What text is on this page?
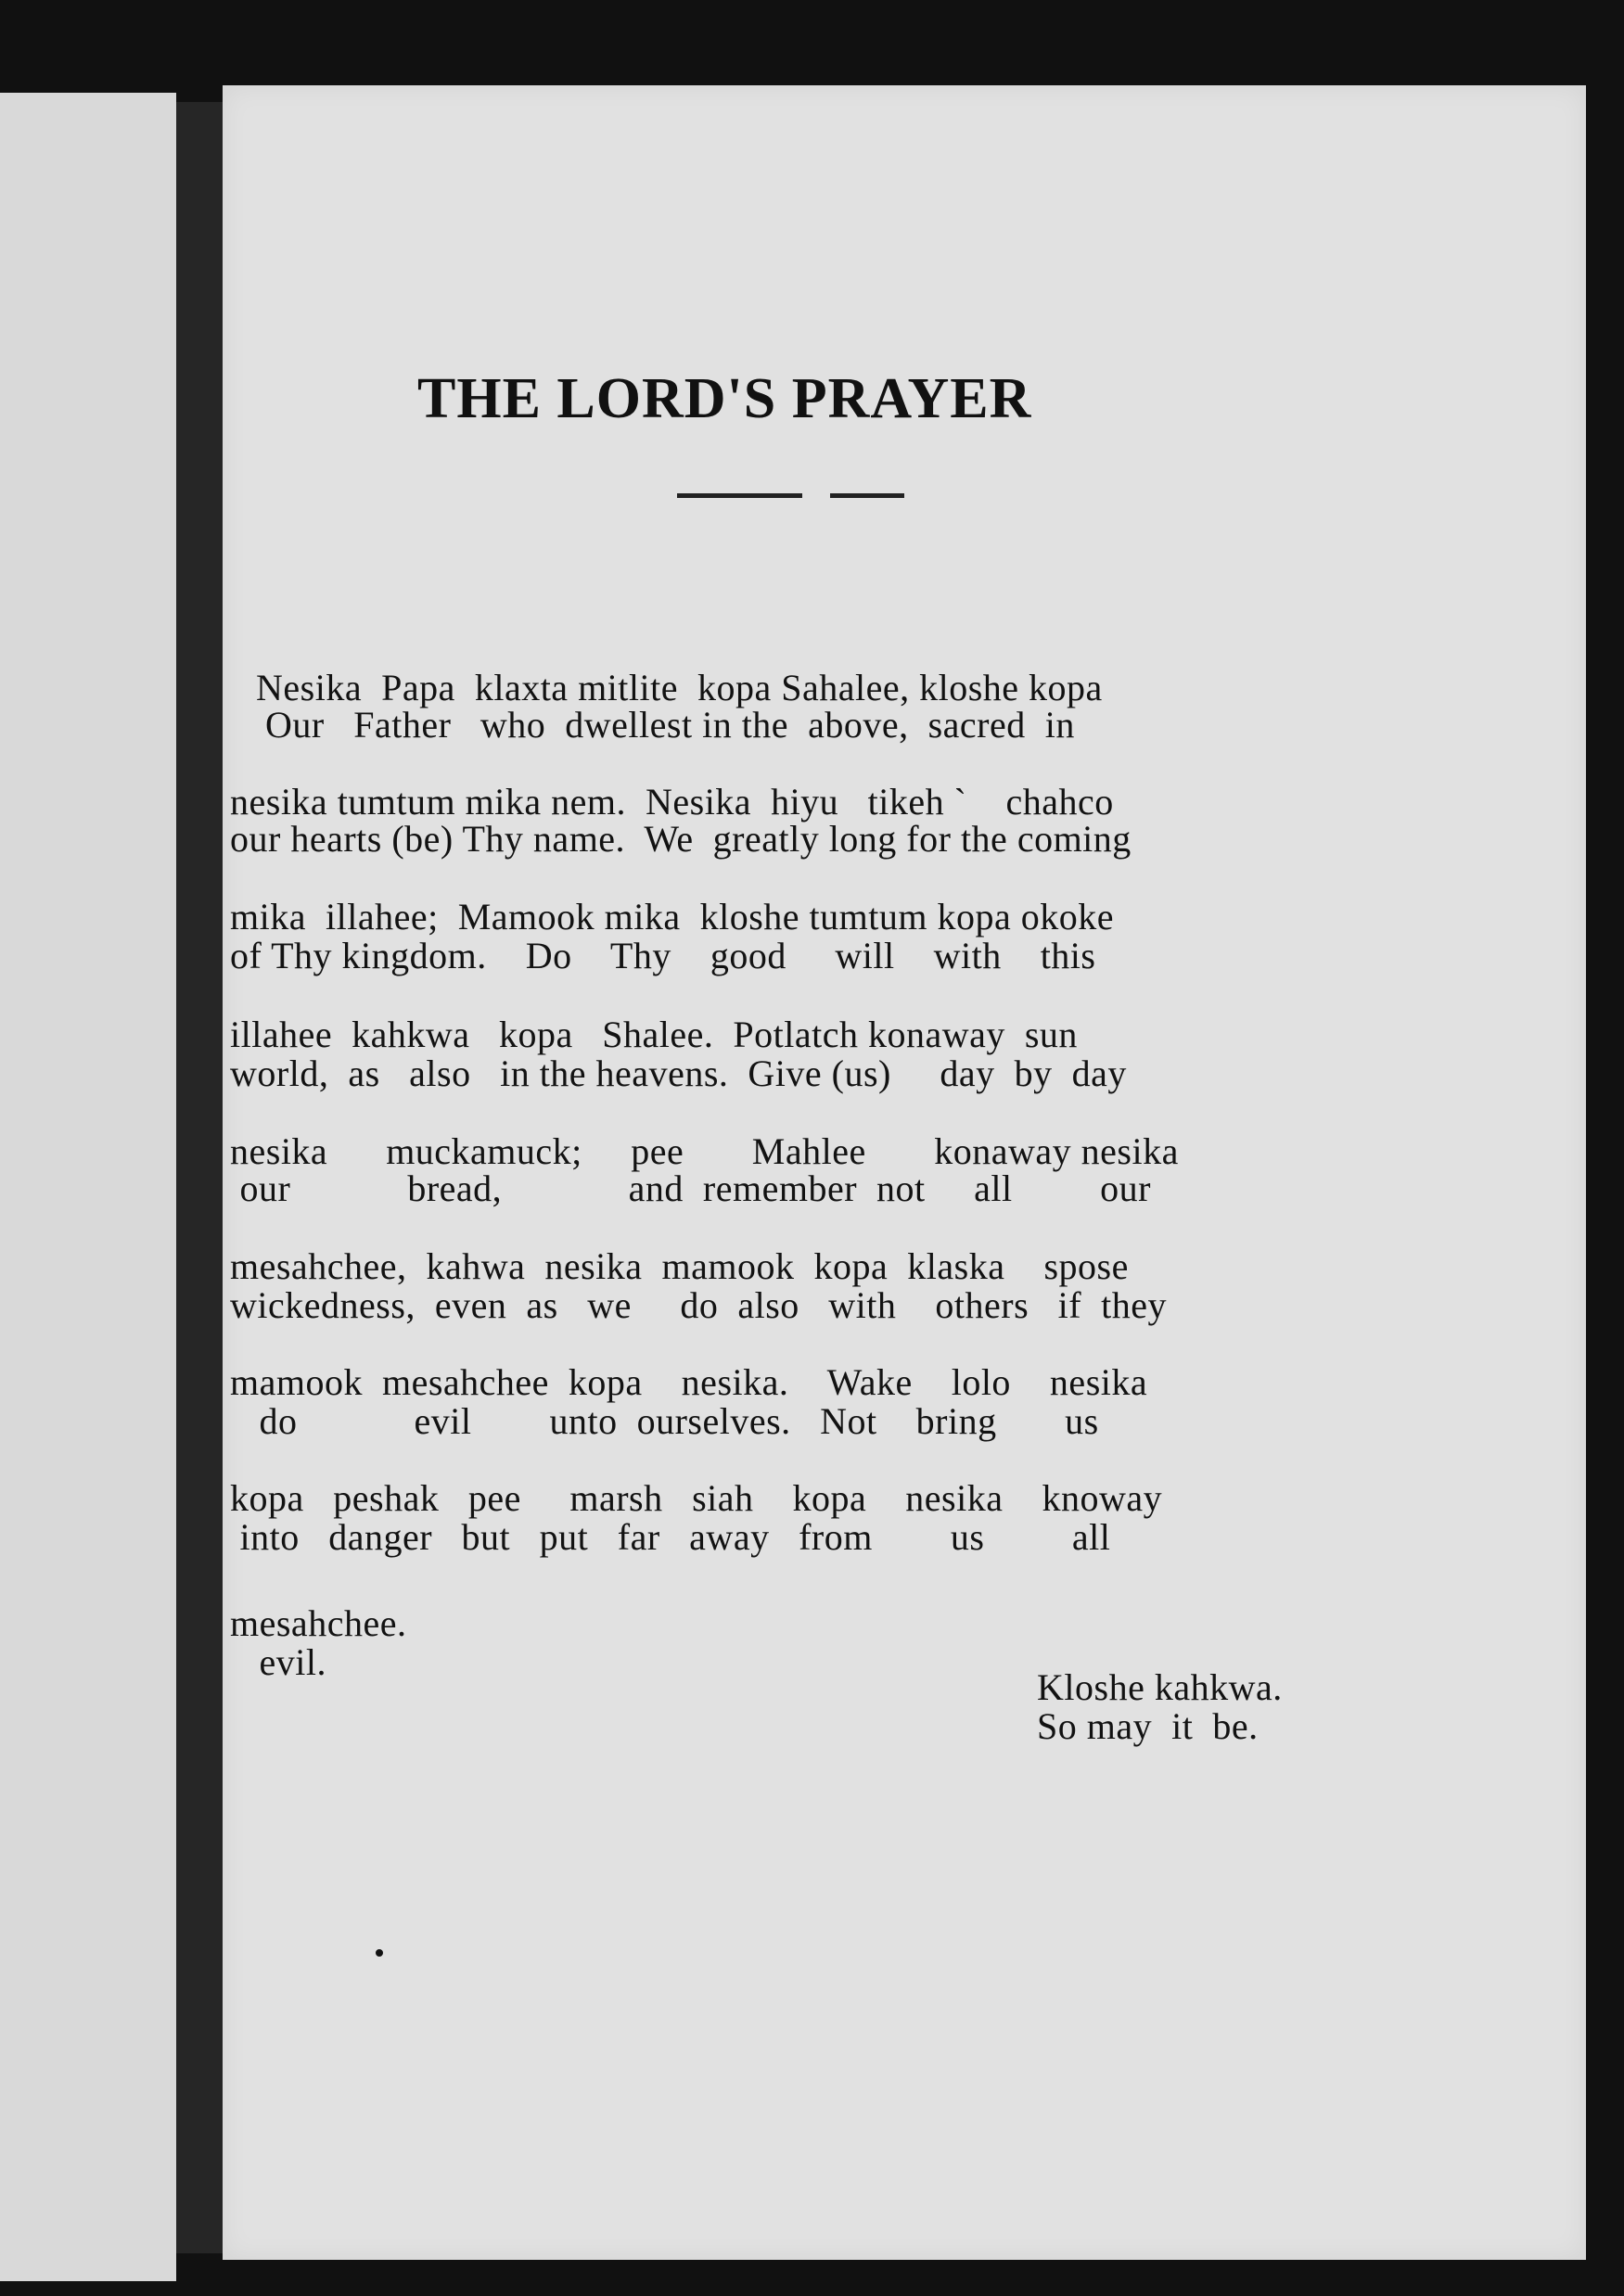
THE LORD'S PRAYER
Nesika  Papa  klaxta mitlite  kopa Sahalee, kloshe kopa
Our   Father   who  dwellest in the  above,  sacred  in
nesika tumtum mika nem.  Nesika  hiyu   tikeh `    chahco
our hearts (be) Thy name.  We  greatly long for the coming
mika  illahee;  Mamook mika  kloshe tumtum kopa okoke
of Thy kingdom.    Do    Thy    good     will    with    this
illahee  kahkwa   kopa   Shalee.  Potlatch konaway  sun
world,  as   also   in the heavens.  Give (us)     day  by  day
nesika      muckamuck;     pee       Mahlee       konaway nesika
our            bread,             and  remember  not     all         our
mesahchee,  kahwa  nesika  mamook  kopa  klaska    spose
wickedness,  even  as   we     do  also   with    others   if  they
mamook  mesahchee  kopa    nesika.    Wake    lolo    nesika
do            evil        unto  ourselves.   Not    bring       us
kopa   peshak   pee     marsh   siah    kopa    nesika    knoway
into   danger   but   put   far   away   from        us         all
mesahchee.
evil.
Kloshe kahkwa.
So may  it  be.
